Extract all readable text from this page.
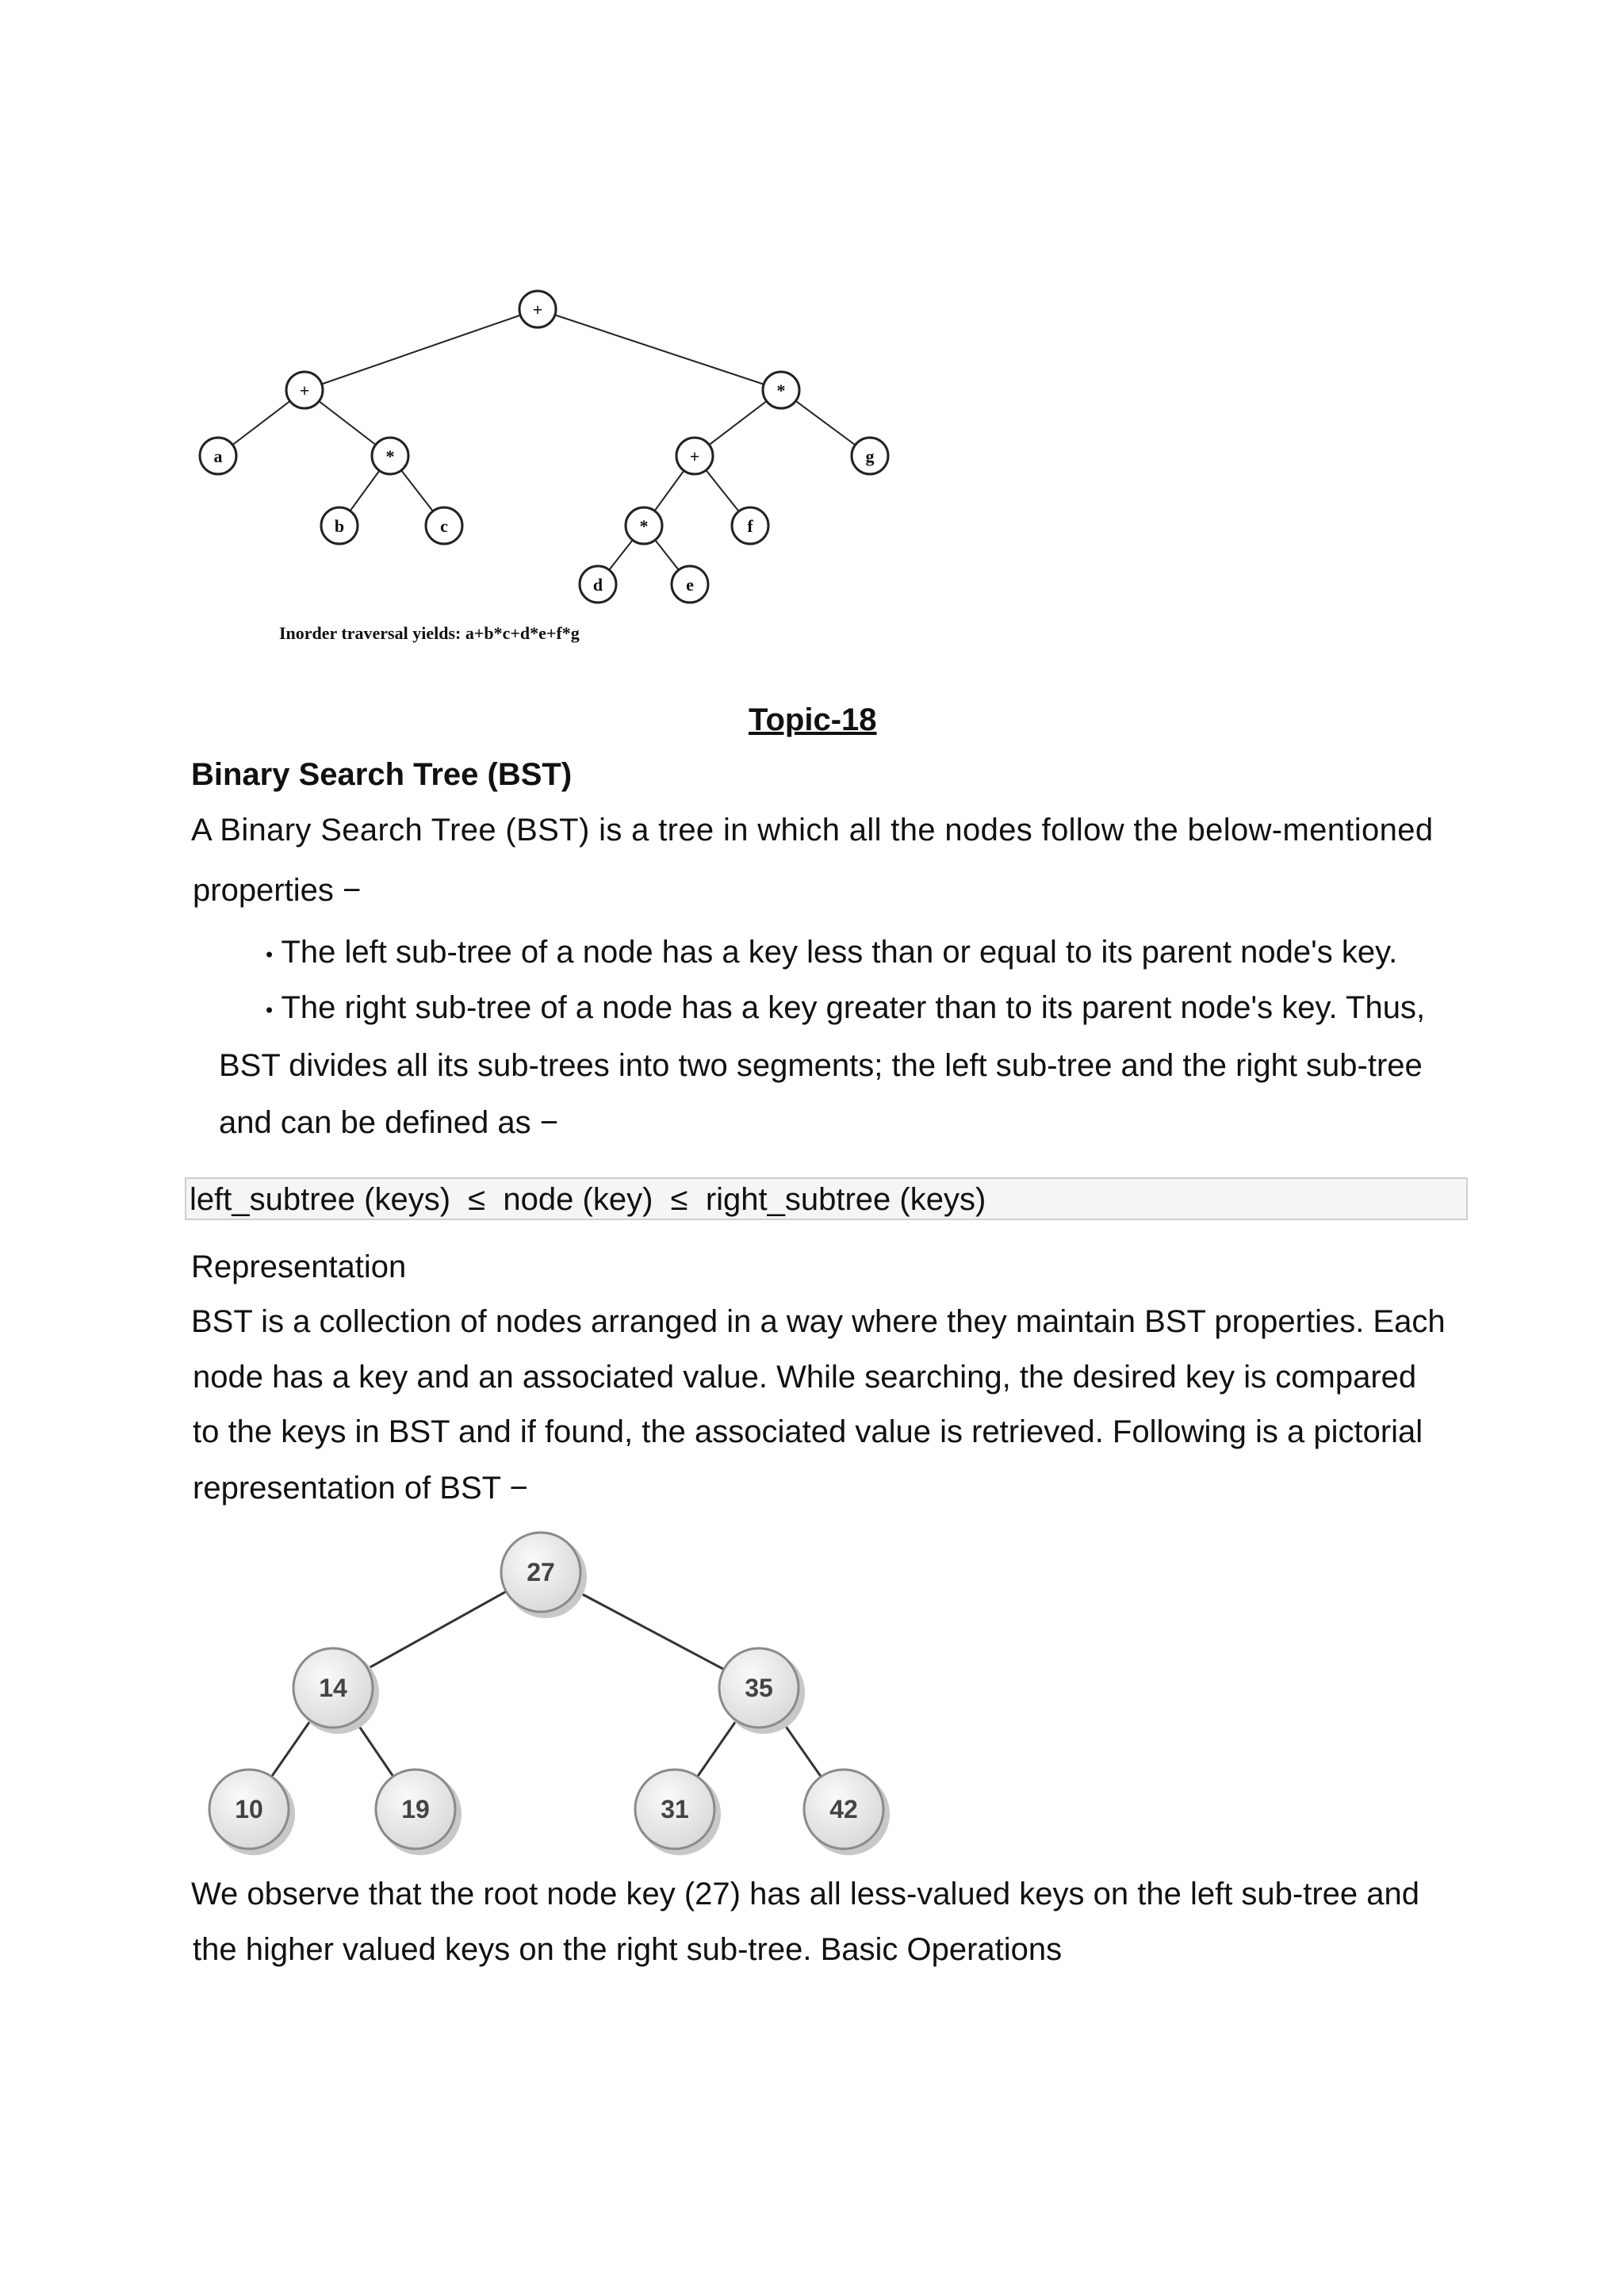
+
+	*
a	*
b	c
+	g
*	f
d	e
Inorder traversal yields: a+b*c+d*e+f*g
Topic-18
Binary Search Tree (BST)
A Binary Search Tree (BST) is a tree in which all the nodes follow the below-mentioned
properties −
• The left sub-tree of a node has a key less than or equal to its parent node's key.
• The right sub-tree of a node has a key greater than to its parent node's key. Thus,
BST divides all its sub-trees into two segments; the left sub-tree and the right sub-tree
and can be defined as −
left_subtree (keys)  ≤  node (key)  ≤  right_subtree (keys)
Representation
BST is a collection of nodes arranged in a way where they maintain BST properties. Each
node has a key and an associated value. While searching, the desired key is compared
to the keys in BST and if found, the associated value is retrieved. Following is a pictorial
representation of BST −
27
14	35
10	19	31	42
We observe that the root node key (27) has all less-valued keys on the left sub-tree and
the higher valued keys on the right sub-tree. Basic Operations
